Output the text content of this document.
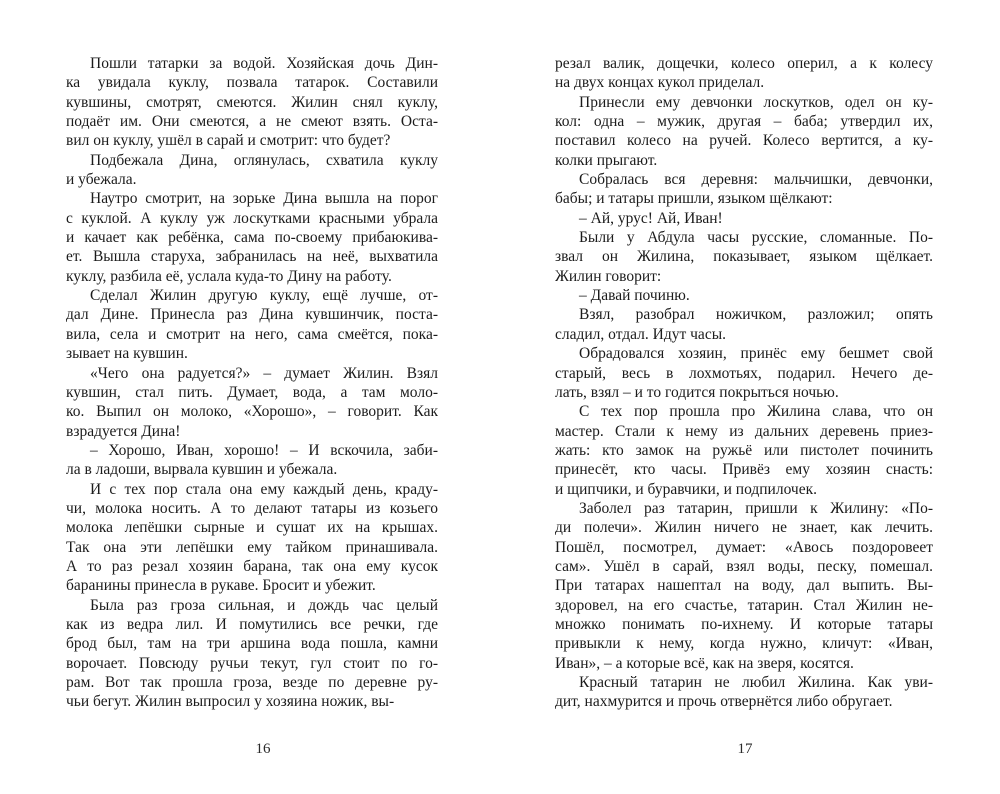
Пошли татарки за водой. Хозяйская дочь Дин-
ка увидала куклу, позвала татарок. Составили
кувшины, смотрят, смеются. Жилин снял куклу,
подаёт им. Они смеются, а не смеют взять. Оста-
вил он куклу, ушёл в сарай и смотрит: что будет?
Подбежала Дина, оглянулась, схватила куклу
и убежала.
Наутро смотрит, на зорьке Дина вышла на порог
с куклой. А куклу уж лоскутками красными убрала
и качает как ребёнка, сама по-своему прибаюкива-
ет. Вышла старуха, забранилась на неё, выхватила
куклу, разбила её, услала куда-то Дину на работу.
Сделал Жилин другую куклу, ещё лучше, от-
дал Дине. Принесла раз Дина кувшинчик, поста-
вила, села и смотрит на него, сама смеётся, пока-
зывает на кувшин.
«Чего она радуется?» – думает Жилин. Взял
кувшин, стал пить. Думает, вода, а там моло-
ко. Выпил он молоко, «Хорошо», – говорит. Как
взрадуется Дина!
– Хорошо, Иван, хорошо! – И вскочила, заби-
ла в ладоши, вырвала кувшин и убежала.
И с тех пор стала она ему каждый день, краду-
чи, молока носить. А то делают татары из козьего
молока лепёшки сырные и сушат их на крышах.
Так она эти лепёшки ему тайком принашивала.
А то раз резал хозяин барана, так она ему кусок
баранины принесла в рукаве. Бросит и убежит.
Была раз гроза сильная, и дождь час целый
как из ведра лил. И помутились все речки, где
брод был, там на три аршина вода пошла, камни
ворочает. Повсюду ручьи текут, гул стоит по го-
рам. Вот так прошла гроза, везде по деревне ру-
чьи бегут. Жилин выпросил у хозяина ножик, вы-
резал валик, дощечки, колесо оперил, а к колесу
на двух концах кукол приделал.
Принесли ему девчонки лоскутков, одел он ку-
кол: одна – мужик, другая – баба; утвердил их,
поставил колесо на ручей. Колесо вертится, а ку-
колки прыгают.
Собралась вся деревня: мальчишки, девчонки,
бабы; и татары пришли, языком щёлкают:
– Ай, урус! Ай, Иван!
Были у Абдула часы русские, сломанные. По-
звал он Жилина, показывает, языком щёлкает.
Жилин говорит:
– Давай починю.
Взял, разобрал ножичком, разложил; опять
сладил, отдал. Идут часы.
Обрадовался хозяин, принёс ему бешмет свой
старый, весь в лохмотьях, подарил. Нечего де-
лать, взял – и то годится покрыться ночью.
С тех пор прошла про Жилина слава, что он
мастер. Стали к нему из дальних деревень приез-
жать: кто замок на ружьё или пистолет починить
принесёт, кто часы. Привёз ему хозяин снасть:
и щипчики, и буравчики, и подпилочек.
Заболел раз татарин, пришли к Жилину: «По-
ди полечи». Жилин ничего не знает, как лечить.
Пошёл, посмотрел, думает: «Авось поздоровеет
сам». Ушёл в сарай, взял воды, песку, помешал.
При татарах нашептал на воду, дал выпить. Вы-
здоровел, на его счастье, татарин. Стал Жилин не-
множко понимать по-ихнему. И которые татары
привыкли к нему, когда нужно, кличут: «Иван,
Иван», – а которые всё, как на зверя, косятся.
Красный татарин не любил Жилина. Как уви-
дит, нахмурится и прочь отвернётся либо обругает.
16	17
